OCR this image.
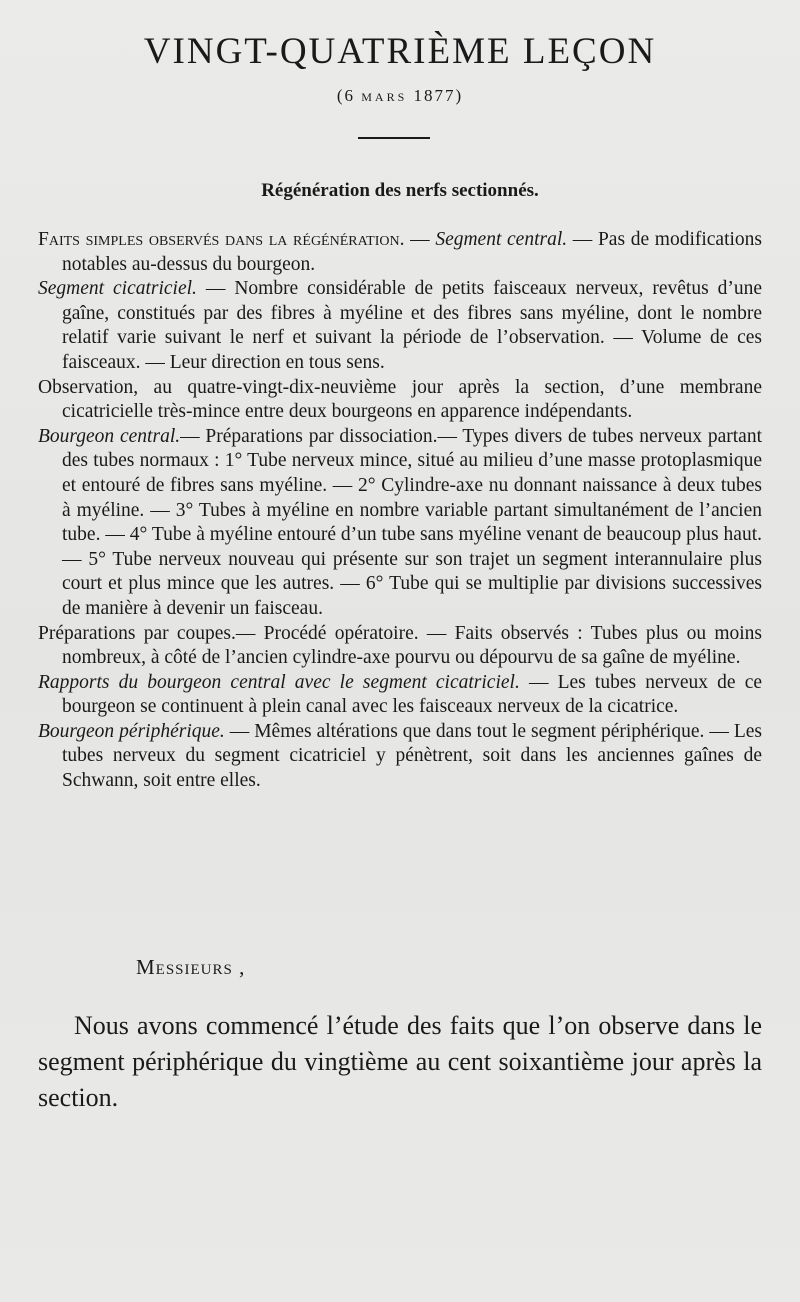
VINGT-QUATRIÈME LEÇON
(6 MARS 1877)
Régénération des nerfs sectionnés.

Faits simples observés dans la régénération. — Segment central. — Pas de modifications notables au-dessus du bourgeon.

Segment cicatriciel. — Nombre considérable de petits faisceaux nerveux, revêtus d’une gaîne, constitués par des fibres à myéline et des fibres sans myéline, dont le nombre relatif varie suivant le nerf et suivant la période de l’observation. — Volume de ces faisceaux. — Leur direction en tous sens.

Observation, au quatre-vingt-dix-neuvième jour après la section, d’une membrane cicatricielle très-mince entre deux bourgeons en apparence indépendants.

Bourgeon central.— Préparations par dissociation.— Types divers de tubes nerveux partant des tubes normaux : 1° Tube nerveux mince, situé au milieu d’une masse protoplasmique et entouré de fibres sans myéline. — 2° Cylindre-axe nu donnant naissance à deux tubes à myéline. — 3° Tubes à myéline en nombre variable partant simultanément de l’ancien tube. — 4° Tube à myéline entouré d’un tube sans myéline venant de beaucoup plus haut. — 5° Tube nerveux nouveau qui présente sur son trajet un segment interannulaire plus court et plus mince que les autres. — 6° Tube qui se multiplie par divisions successives de manière à devenir un faisceau.

Préparations par coupes.— Procédé opératoire. — Faits observés : Tubes plus ou moins nombreux, à côté de l’ancien cylindre-axe pourvu ou dépourvu de sa gaîne de myéline.

Rapports du bourgeon central avec le segment cicatriciel. — Les tubes nerveux de ce bourgeon se continuent à plein canal avec les faisceaux nerveux de la cicatrice.

Bourgeon périphérique. — Mêmes altérations que dans tout le segment périphérique. — Les tubes nerveux du segment cicatriciel y pénètrent, soit dans les anciennes gaînes de Schwann, soit entre elles.

Messieurs ,

Nous avons commencé l’étude des faits que l’on observe dans le segment périphérique du vingtième au cent soixantième jour après la section.
